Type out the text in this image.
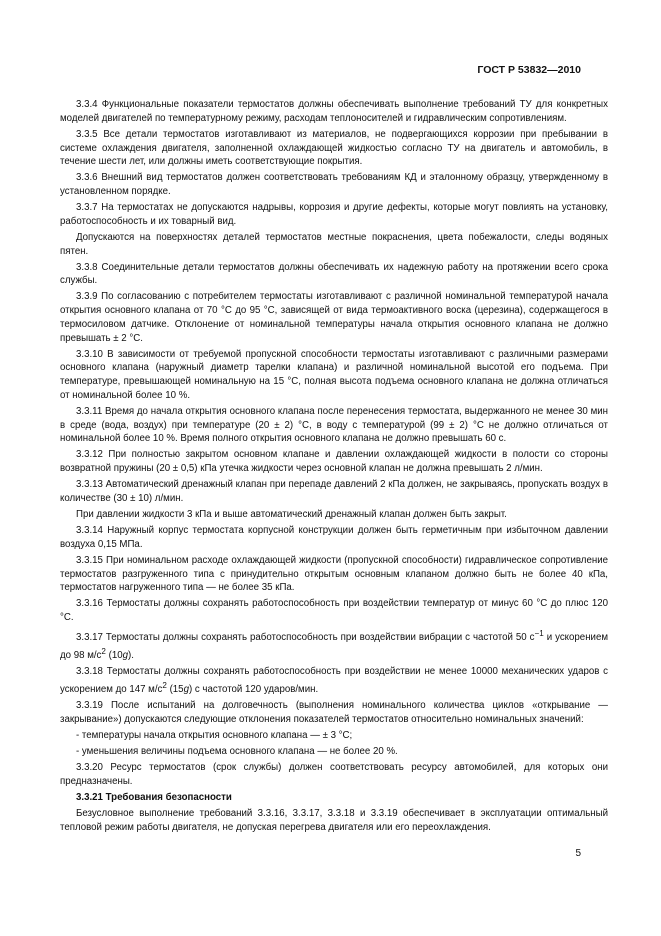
ГОСТ Р 53832—2010

3.3.4 Функциональные показатели термостатов должны обеспечивать выполнение требований ТУ для конкретных моделей двигателей по температурному режиму, расходам теплоносителей и гидравлическим сопротивлениям.

3.3.5 Все детали термостатов изготавливают из материалов, не подвергающихся коррозии при пребывании в системе охлаждения двигателя, заполненной охлаждающей жидкостью согласно ТУ на двигатель и автомобиль, в течение шести лет, или должны иметь соответствующие покрытия.

3.3.6 Внешний вид термостатов должен соответствовать требованиям КД и эталонному образцу, утвержденному в установленном порядке.

3.3.7 На термостатах не допускаются надрывы, коррозия и другие дефекты, которые могут повлиять на установку, работоспособность и их товарный вид.

Допускаются на поверхностях деталей термостатов местные покраснения, цвета побежалости, следы водяных пятен.

3.3.8 Соединительные детали термостатов должны обеспечивать их надежную работу на протяжении всего срока службы.

3.3.9 По согласованию с потребителем термостаты изготавливают с различной номинальной температурой начала открытия основного клапана от 70 °С до 95 °С, зависящей от вида термоактивного воска (церезина), содержащегося в термосиловом датчике. Отклонение от номинальной температуры начала открытия основного клапана не должно превышать ± 2 °С.

3.3.10 В зависимости от требуемой пропускной способности термостаты изготавливают с различными размерами основного клапана (наружный диаметр тарелки клапана) и различной номинальной высотой его подъема. При температуре, превышающей номинальную на 15 °С, полная высота подъема основного клапана не должна отличаться от номинальной более 10 %.

3.3.11 Время до начала открытия основного клапана после перенесения термостата, выдержанного не менее 30 мин в среде (вода, воздух) при температуре (20 ± 2) °С, в воду с температурой (99 ± 2) °С не должно отличаться от номинальной более 10 %. Время полного открытия основного клапана не должно превышать 60 с.

3.3.12 При полностью закрытом основном клапане и давлении охлаждающей жидкости в полости со стороны возвратной пружины (20 ± 0,5) кПа утечка жидкости через основной клапан не должна превышать 2 л/мин.

3.3.13 Автоматический дренажный клапан при перепаде давлений 2 кПа должен, не закрываясь, пропускать воздух в количестве (30 ± 10) л/мин.

При давлении жидкости 3 кПа и выше автоматический дренажный клапан должен быть закрыт.

3.3.14 Наружный корпус термостата корпусной конструкции должен быть герметичным при избыточном давлении воздуха 0,15 МПа.

3.3.15 При номинальном расходе охлаждающей жидкости (пропускной способности) гидравлическое сопротивление термостатов разгруженного типа с принудительно открытым основным клапаном должно быть не более 40 кПа, термостатов нагруженного типа — не более 35 кПа.

3.3.16 Термостаты должны сохранять работоспособность при воздействии температур от минус 60 °С до плюс 120 °С.

3.3.17 Термостаты должны сохранять работоспособность при воздействии вибрации с частотой 50 $с^{-1}$ и ускорением до 98 $м/с^2$ (10g).

3.3.18 Термостаты должны сохранять работоспособность при воздействии не менее 10000 механических ударов с ускорением до 147 $м/с^2$ (15g) с частотой 120 ударов/мин.

3.3.19 После испытаний на долговечность (выполнения номинального количества циклов «открывание — закрывание») допускаются следующие отклонения показателей термостатов относительно номинальных значений:

- температуры начала открытия основного клапана — ± 3 °С;

- уменьшения величины подъема основного клапана — не более 20 %.

3.3.20 Ресурс термостатов (срок службы) должен соответствовать ресурсу автомобилей, для которых они предназначены.

3.3.21 Требования безопасности

Безусловное выполнение требований 3.3.16, 3.3.17, 3.3.18 и 3.3.19 обеспечивает в эксплуатации оптимальный тепловой режим работы двигателя, не допуская перегрева двигателя или его переохлаждения.

5
